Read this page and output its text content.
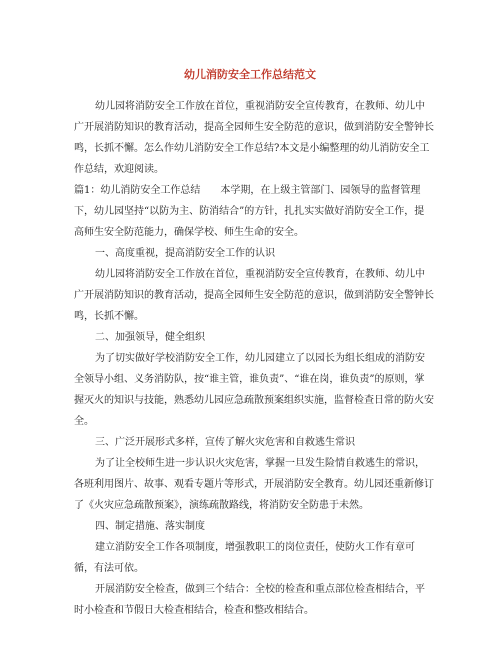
幼儿消防安全工作总结范文

幼儿园将消防安全工作放在首位，重视消防安全宣传教育，在教师、幼儿中广开展消防知识的教育活动，提高全园师生安全防范的意识，做到消防安全警钟长鸣，长抓不懈。怎么作幼儿消防安全工作总结?本文是小编整理的幼儿消防安全工作总结，欢迎阅读。

篇1：幼儿消防安全工作总结　　本学期，在上级主管部门、园领导的监督管理下，幼儿园坚持“以防为主、防消结合”的方针，扎扎实实做好消防安全工作，提高师生安全防范能力，确保学校、师生生命的安全。

一、高度重视，提高消防安全工作的认识

幼儿园将消防安全工作放在首位，重视消防安全宣传教育，在教师、幼儿中广开展消防知识的教育活动，提高全园师生安全防范的意识，做到消防安全警钟长鸣，长抓不懈。

二、加强领导，健全组织

为了切实做好学校消防安全工作，幼儿园建立了以园长为组长组成的消防安全领导小组、义务消防队，按“谁主管，谁负责”、“谁在岗，谁负责”的原则，掌握灭火的知识与技能，熟悉幼儿园应急疏散预案组织实施，监督检查日常的防火安全。

三、广泛开展形式多样，宣传了解火灾危害和自救逃生常识

为了让全校师生进一步认识火灾危害，掌握一旦发生险情自救逃生的常识，各班利用图片、故事、观看专题片等形式，开展消防安全教育。幼儿园还重新修订了《火灾应急疏散预案》，演练疏散路线，将消防安全防患于未然。

四、制定措施、落实制度

建立消防安全工作各项制度，增强教职工的岗位责任，使防火工作有章可循，有法可依。

开展消防安全检查，做到三个结合：全校的检查和重点部位检查相结合，平时小检查和节假日大检查相结合，检查和整改相结合。
